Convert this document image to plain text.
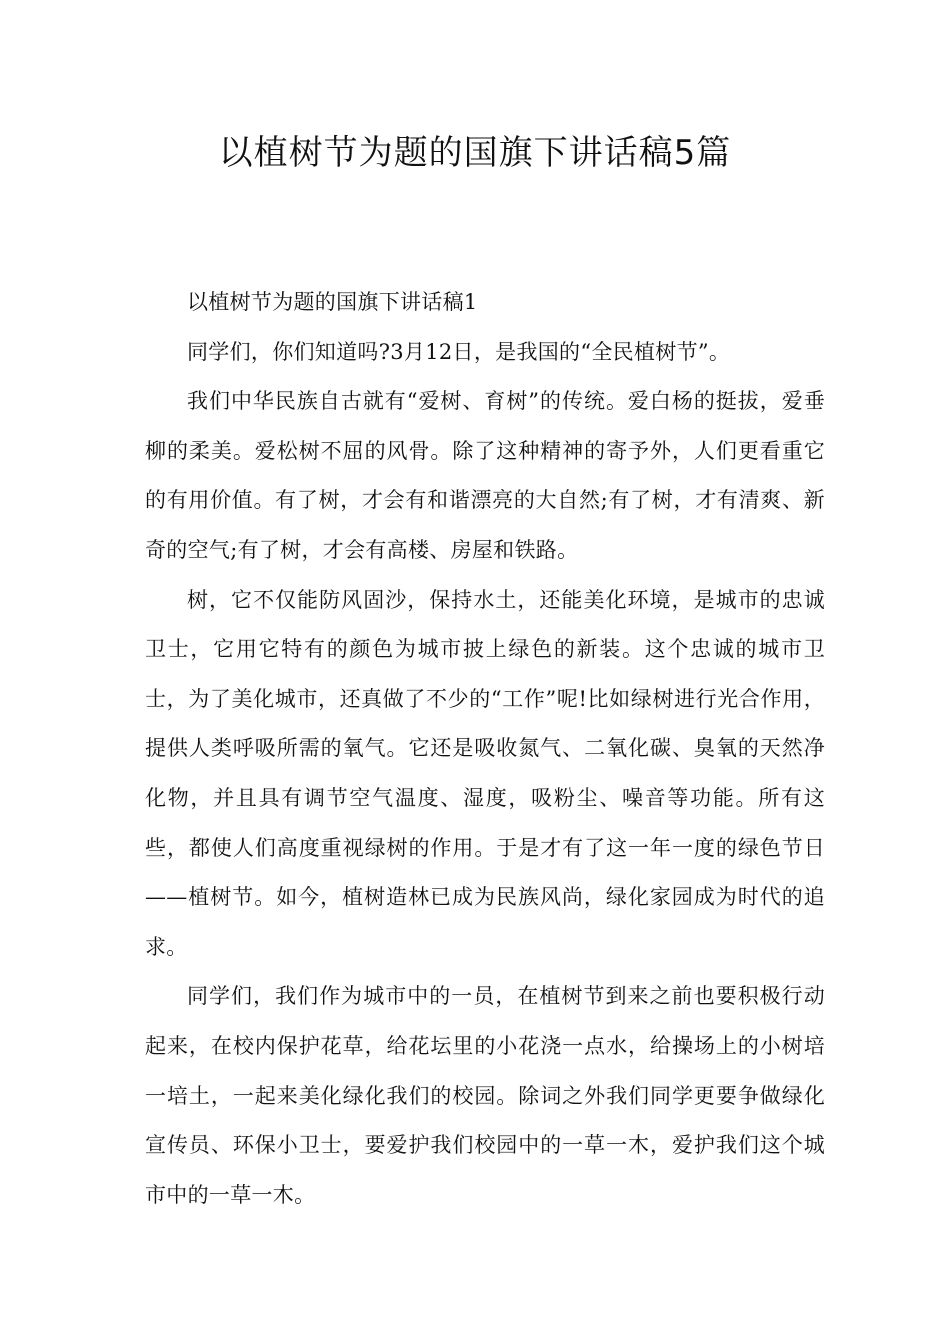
以植树节为题的国旗下讲话稿5篇

以植树节为题的国旗下讲话稿1

同学们，你们知道吗?3月12日，是我国的“全民植树节”。

我们中华民族自古就有“爱树、育树”的传统。爱白杨的挺拔，爱垂柳的柔美。爱松树不屈的风骨。除了这种精神的寄予外，人们更看重它的有用价值。有了树，才会有和谐漂亮的大自然;有了树，才有清爽、新奇的空气;有了树，才会有高楼、房屋和铁路。

树，它不仅能防风固沙，保持水土，还能美化环境，是城市的忠诚卫士，它用它特有的颜色为城市披上绿色的新装。这个忠诚的城市卫士，为了美化城市，还真做了不少的“工作”呢!比如绿树进行光合作用，提供人类呼吸所需的氧气。它还是吸收氮气、二氧化碳、臭氧的天然净化物，并且具有调节空气温度、湿度，吸粉尘、噪音等功能。所有这些，都使人们高度重视绿树的作用。于是才有了这一年一度的绿色节日——植树节。如今，植树造林已成为民族风尚，绿化家园成为时代的追求。

同学们，我们作为城市中的一员，在植树节到来之前也要积极行动起来，在校内保护花草，给花坛里的小花浇一点水，给操场上的小树培一培土，一起来美化绿化我们的校园。除词之外我们同学更要争做绿化宣传员、环保小卫士，要爱护我们校园中的一草一木，爱护我们这个城市中的一草一木。
